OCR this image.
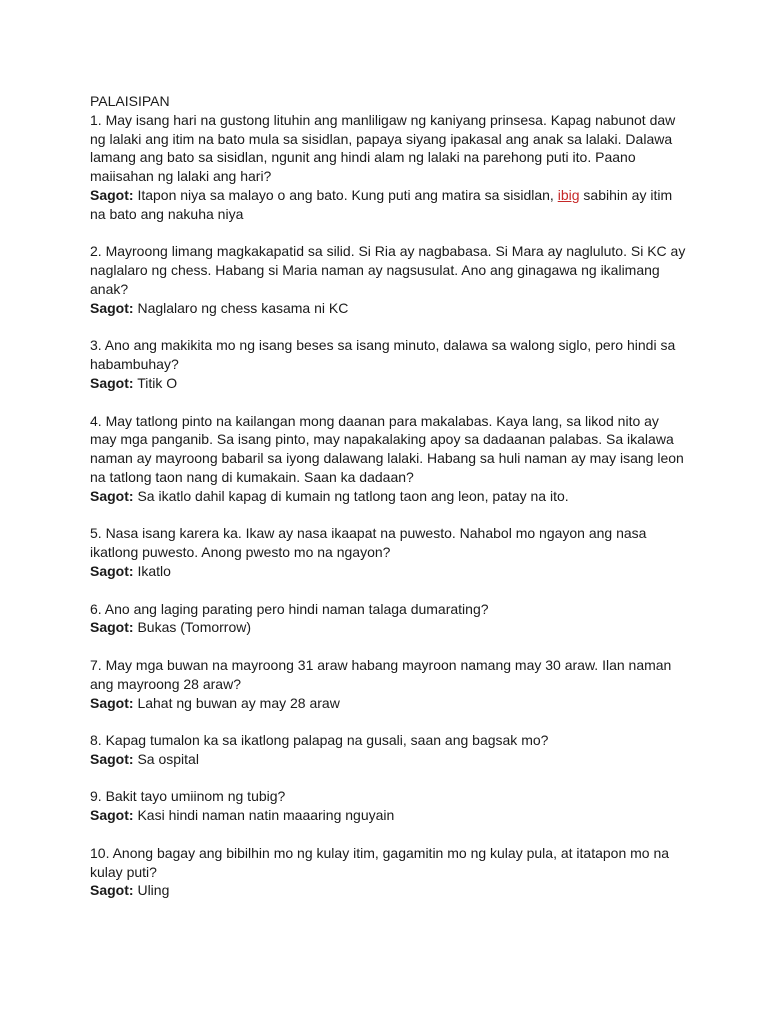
PALAISIPAN

1. May isang hari na gustong lituhin ang manliligaw ng kaniyang prinsesa. Kapag nabunot daw ng lalaki ang itim na bato mula sa sisidlan, papaya siyang ipakasal ang anak sa lalaki. Dalawa lamang ang bato sa sisidlan, ngunit ang hindi alam ng lalaki na parehong puti ito. Paano maiisahan ng lalaki ang hari?

Sagot: Itapon niya sa malayo o ang bato. Kung puti ang matira sa sisidlan, ibig sabihin ay itim na bato ang nakuha niya

2. Mayroong limang magkakapatid sa silid. Si Ria ay nagbabasa. Si Mara ay nagluluto. Si KC ay naglalaro ng chess. Habang si Maria naman ay nagsusulat. Ano ang ginagawa ng ikalimang anak?

Sagot: Naglalaro ng chess kasama ni KC

3. Ano ang makikita mo ng isang beses sa isang minuto, dalawa sa walong siglo, pero hindi sa habambuhay?

Sagot: Titik O

4. May tatlong pinto na kailangan mong daanan para makalabas. Kaya lang, sa likod nito ay may mga panganib. Sa isang pinto, may napakalaking apoy sa dadaanan palabas. Sa ikalawa naman ay mayroong babaril sa iyong dalawang lalaki. Habang sa huli naman ay may isang leon na tatlong taon nang di kumakain. Saan ka dadaan?

Sagot: Sa ikatlo dahil kapag di kumain ng tatlong taon ang leon, patay na ito.

5. Nasa isang karera ka. Ikaw ay nasa ikaapat na puwesto. Nahabol mo ngayon ang nasa ikatlong puwesto. Anong pwesto mo na ngayon?

Sagot: Ikatlo

6. Ano ang laging parating pero hindi naman talaga dumarating?

Sagot: Bukas (Tomorrow)

7. May mga buwan na mayroong 31 araw habang mayroon namang may 30 araw. Ilan naman ang mayroong 28 araw?

Sagot: Lahat ng buwan ay may 28 araw

8. Kapag tumalon ka sa ikatlong palapag na gusali, saan ang bagsak mo?

Sagot: Sa ospital

9. Bakit tayo umiinom ng tubig?

Sagot: Kasi hindi naman natin maaaring nguyain

10. Anong bagay ang bibilhin mo ng kulay itim, gagamitin mo ng kulay pula, at itatapon mo na kulay puti?

Sagot: Uling
